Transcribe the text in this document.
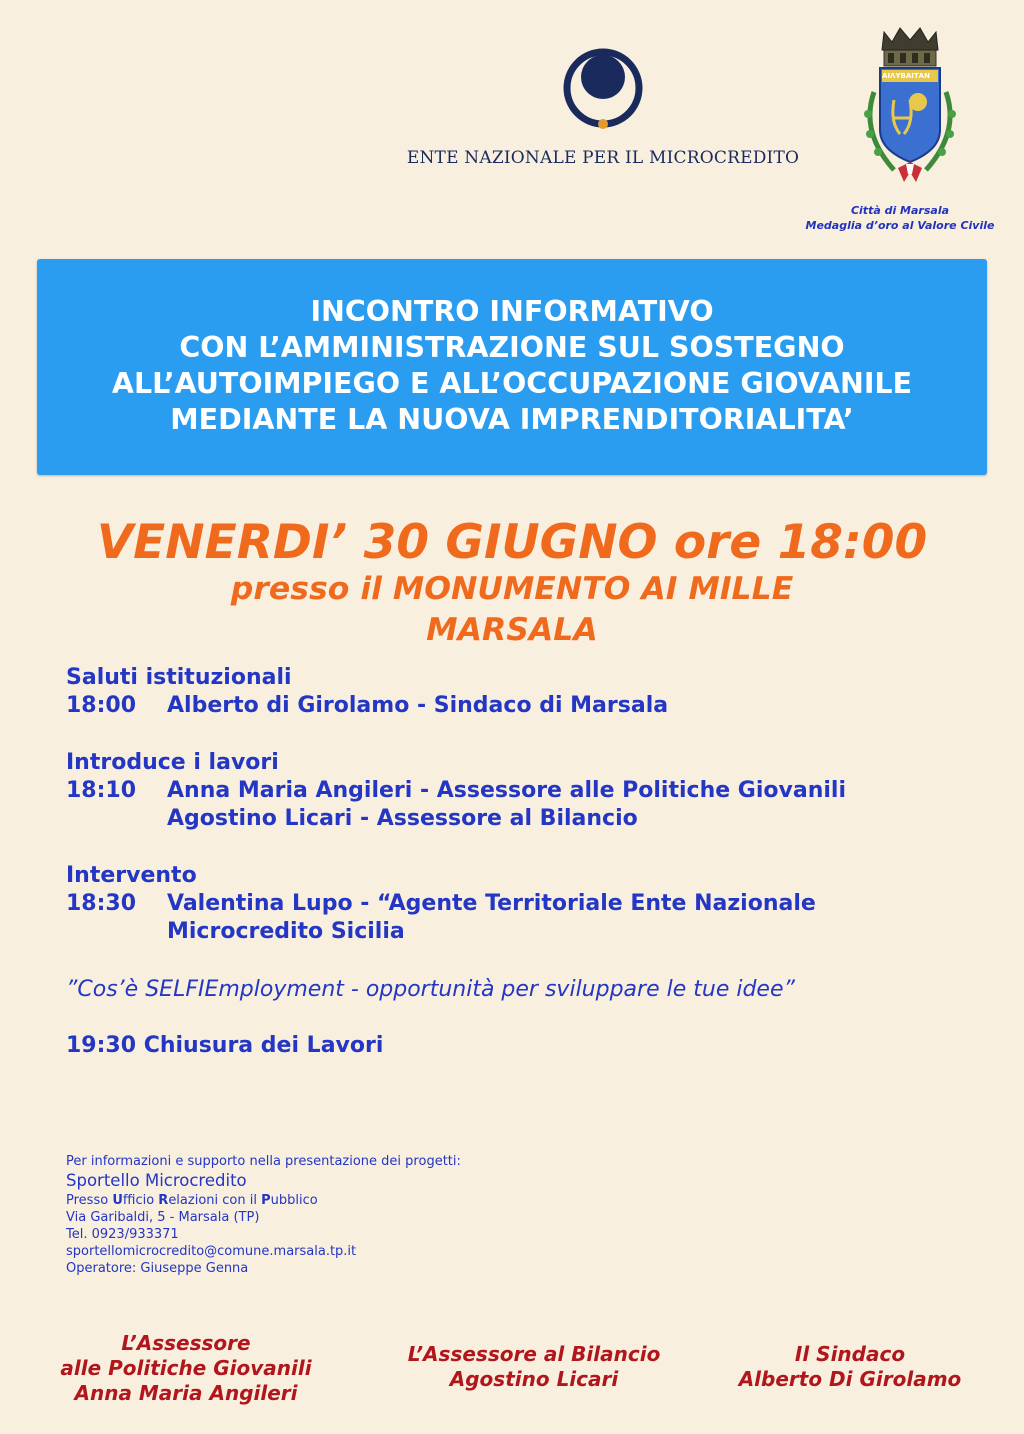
ENTE NAZIONALE PER IL MICROCREDITO
ΑΙΛΥΒΑΙΤΑΝ
Città di Marsala
Medaglia d’oro al Valore Civile
INCONTRO INFORMATIVO
CON L’AMMINISTRAZIONE SUL SOSTEGNO
ALL’AUTOIMPIEGO E ALL’OCCUPAZIONE GIOVANILE
MEDIANTE LA NUOVA IMPRENDITORIALITA’
VENERDI’ 30 GIUGNO ore 18:00
presso il MONUMENTO AI MILLE
MARSALA
Saluti istituzionali
18:00 Alberto di Girolamo - Sindaco di Marsala
Introduce i lavori
18:10 Anna Maria Angileri - Assessore alle Politiche Giovanili
Agostino Licari - Assessore al Bilancio
Intervento
18:30 Valentina Lupo - “Agente Territoriale Ente Nazionale
Microcredito Sicilia
”Cos’è SELFIEmployment - opportunità per sviluppare le tue idee”
19:30 Chiusura dei Lavori
Per informazioni e supporto nella presentazione dei progetti:
Sportello Microcredito
Presso Ufficio Relazioni con il Pubblico
Via Garibaldi, 5 - Marsala (TP)
Tel. 0923/933371
sportellomicrocredito@comune.marsala.tp.it
Operatore: Giuseppe Genna
L’Assessore
alle Politiche Giovanili
Anna Maria Angileri
L’Assessore al Bilancio
Agostino Licari
Il Sindaco
Alberto Di Girolamo
